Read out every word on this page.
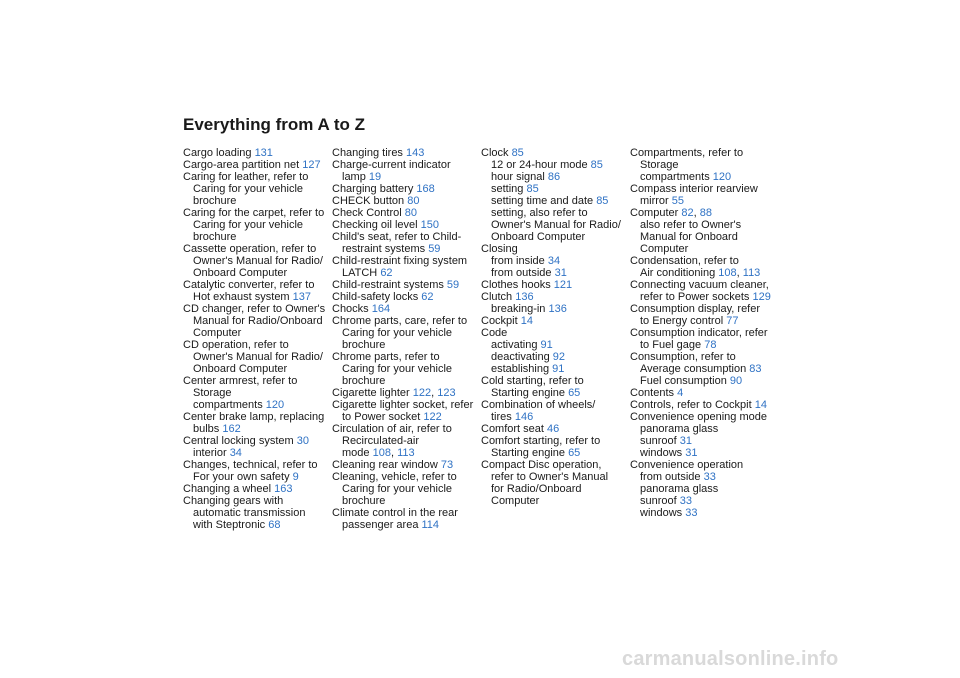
Everything from A to Z
Cargo loading 131
Cargo-area partition net 127
Caring for leather, refer to
Caring for your vehicle
brochure
Caring for the carpet, refer to
Caring for your vehicle
brochure
Cassette operation, refer to
Owner's Manual for Radio/
Onboard Computer
Catalytic converter, refer to
Hot exhaust system 137
CD changer, refer to Owner's
Manual for Radio/Onboard
Computer
CD operation, refer to
Owner's Manual for Radio/
Onboard Computer
Center armrest, refer to
Storage
compartments 120
Center brake lamp, replacing
bulbs 162
Central locking system 30
interior 34
Changes, technical, refer to
For your own safety 9
Changing a wheel 163
Changing gears with
automatic transmission
with Steptronic 68
Changing tires 143
Charge-current indicator
lamp 19
Charging battery 168
CHECK button 80
Check Control 80
Checking oil level 150
Child's seat, refer to Child-
restraint systems 59
Child-restraint fixing system
LATCH 62
Child-restraint systems 59
Child-safety locks 62
Chocks 164
Chrome parts, care, refer to
Caring for your vehicle
brochure
Chrome parts, refer to
Caring for your vehicle
brochure
Cigarette lighter 122, 123
Cigarette lighter socket, refer
to Power socket 122
Circulation of air, refer to
Recirculated-air
mode 108, 113
Cleaning rear window 73
Cleaning, vehicle, refer to
Caring for your vehicle
brochure
Climate control in the rear
passenger area 114
Clock 85
12 or 24-hour mode 85
hour signal 86
setting 85
setting time and date 85
setting, also refer to
Owner's Manual for Radio/
Onboard Computer
Closing
from inside 34
from outside 31
Clothes hooks 121
Clutch 136
breaking-in 136
Cockpit 14
Code
activating 91
deactivating 92
establishing 91
Cold starting, refer to
Starting engine 65
Combination of wheels/
tires 146
Comfort seat 46
Comfort starting, refer to
Starting engine 65
Compact Disc operation,
refer to Owner's Manual
for Radio/Onboard
Computer
Compartments, refer to
Storage
compartments 120
Compass interior rearview
mirror 55
Computer 82, 88
also refer to Owner's
Manual for Onboard
Computer
Condensation, refer to
Air conditioning 108, 113
Connecting vacuum cleaner,
refer to Power sockets 129
Consumption display, refer
to Energy control 77
Consumption indicator, refer
to Fuel gage 78
Consumption, refer to
Average consumption 83
Fuel consumption 90
Contents 4
Controls, refer to Cockpit 14
Convenience opening mode
panorama glass
sunroof 31
windows 31
Convenience operation
from outside 33
panorama glass
sunroof 33
windows 33
carmanualsonline.info
